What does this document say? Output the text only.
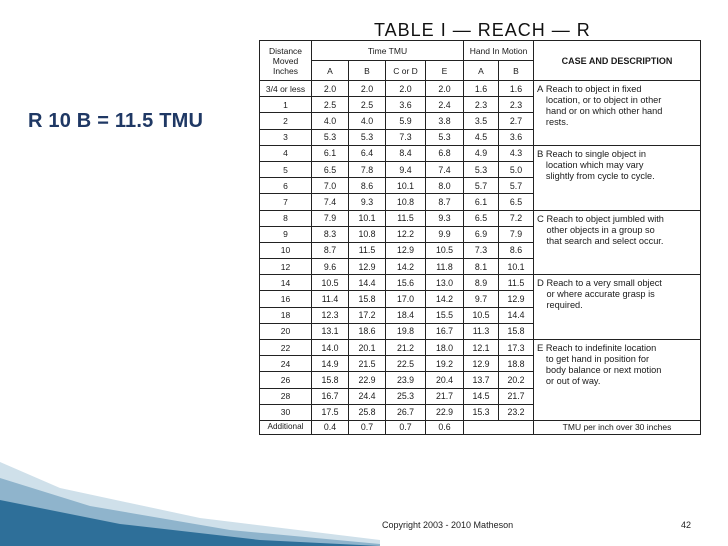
R 10 B = 11.5 TMU
TABLE I — REACH — R
Distance Moved Inches	Time TMU				Hand In Motion		CASE AND DESCRIPTION
	A	B	C or D	E	A	B	
3/4 or less	2.0	2.0	2.0	2.0	1.6	1.6	A Reach to object in fixed location, or to object in other hand or on which other hand rests.
1	2.5	2.5	3.6	2.4	2.3	2.3	
2	4.0	4.0	5.9	3.8	3.5	2.7	
3	5.3	5.3	7.3	5.3	4.5	3.6	
4	6.1	6.4	8.4	6.8	4.9	4.3	B Reach to single object in location which may vary slightly from cycle to cycle.
5	6.5	7.8	9.4	7.4	5.3	5.0	
6	7.0	8.6	10.1	8.0	5.7	5.7	
7	7.4	9.3	10.8	8.7	6.1	6.5	
8	7.9	10.1	11.5	9.3	6.5	7.2	C Reach to object jumbled with other objects in a group so that search and select occur.
9	8.3	10.8	12.2	9.9	6.9	7.9	
10	8.7	11.5	12.9	10.5	7.3	8.6	
12	9.6	12.9	14.2	11.8	8.1	10.1	
14	10.5	14.4	15.6	13.0	8.9	11.5	D Reach to a very small object or where accurate grasp is required.
16	11.4	15.8	17.0	14.2	9.7	12.9	
18	12.3	17.2	18.4	15.5	10.5	14.4	
20	13.1	18.6	19.8	16.7	11.3	15.8	
22	14.0	20.1	21.2	18.0	12.1	17.3	E Reach to indefinite location to get hand in position for body balance or next motion or out of way.
24	14.9	21.5	22.5	19.2	12.9	18.8	
26	15.8	22.9	23.9	20.4	13.7	20.2	
28	16.7	24.4	25.3	21.7	14.5	21.7	
30	17.5	25.8	26.7	22.9	15.3	23.2	
Additional	0.4	0.7	0.7	0.6			TMU per inch over 30 inches
Copyright 2003 - 2010 Matheson	42
